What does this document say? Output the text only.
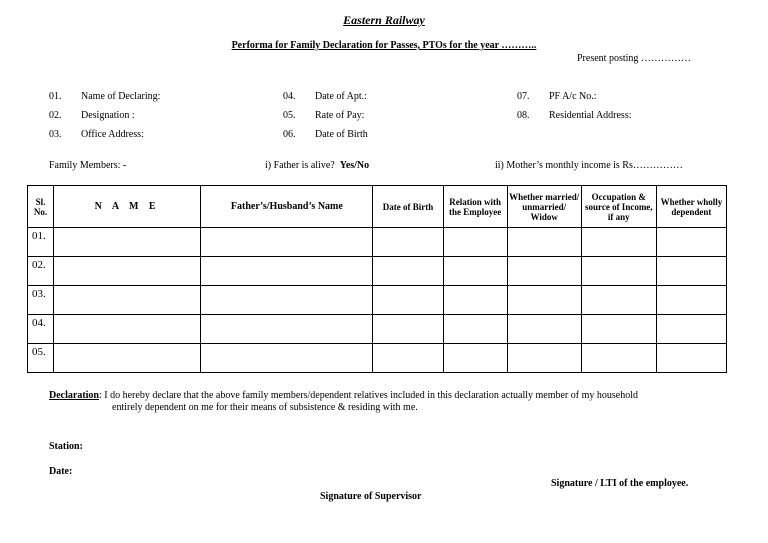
Eastern Railway
Performa for Family Declaration for Passes, PTOs for the year ………..
Present posting ……………
01. Name of Declaring:
02. Designation :
03. Office Address:
04. Date of Apt.:
05. Rate of Pay:
06. Date of Birth
07. PF A/c No.:
08. Residential Address:
Family Members: -	i) Father is alive? Yes/No	ii) Mother’s monthly income is Rs……………
Sl. No.	N A M E	Father’s/Husband’s Name	Date of Birth	Relation with the Employee	Whether married/ unmarried/ Widow	Occupation & source of Income, if any	Whether wholly dependent
01.							
02.							
03.							
04.							
05.							
Declaration: I do hereby declare that the above family members/dependent relatives included in this declaration actually member of my household
entirely dependent on me for their means of subsistence & residing with me.
Station:
Date:
Signature / LTI of the employee.
Signature of Supervisor
